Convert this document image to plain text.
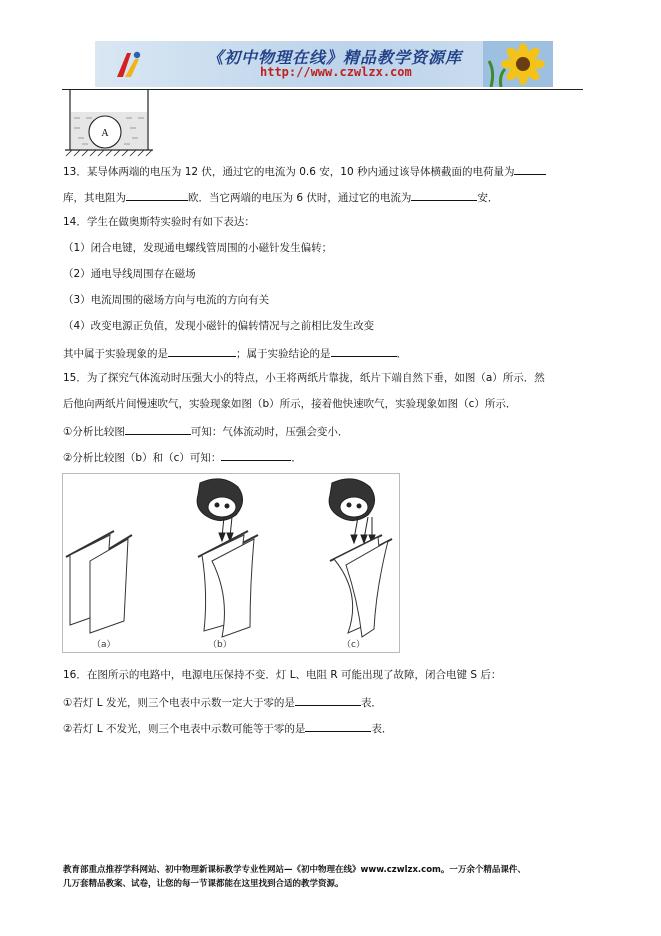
《初中物理在线》精品教学资源库
http://www.czwlzx.com
A
13．某导体两端的电压为 12 伏，通过它的电流为 0.6 安，10 秒内通过该导体横截面的电荷量为
库，其电阻为	欧．当它两端的电压为 6 伏时，通过它的电流为	安．
14．学生在做奥斯特实验时有如下表达：
（1）闭合电键，发现通电螺线管周围的小磁针发生偏转；
（2）通电导线周围存在磁场
（3）电流周围的磁场方向与电流的方向有关
（4）改变电源正负值，发现小磁针的偏转情况与之前相比发生改变
其中属于实验现象的是	；属于实验结论的是	．
15．为了探究气体流动时压强大小的特点，小王将两纸片靠拢，纸片下端自然下垂，如图（a）所示．然
后他向两纸片间慢速吹气，实验现象如图（b）所示，接着他快速吹气，实验现象如图（c）所示．
①分析比较图	可知：气体流动时，压强会变小．
②分析比较图（b）和（c）可知：	．
（a）	（b）	（c）
16．在图所示的电路中，电源电压保持不变．灯 L、电阻 R 可能出现了故障，闭合电键 S 后：
①若灯 L 发光，则三个电表中示数一定大于零的是	表．
②若灯 L 不发光，则三个电表中示数可能等于零的是	表．
教育部重点推荐学科网站、初中物理新课标教学专业性网站—《初中物理在线》www.czwlzx.com。一万余个精品课件、
几万套精品教案、试卷，让您的每一节课都能在这里找到合适的教学资源。
